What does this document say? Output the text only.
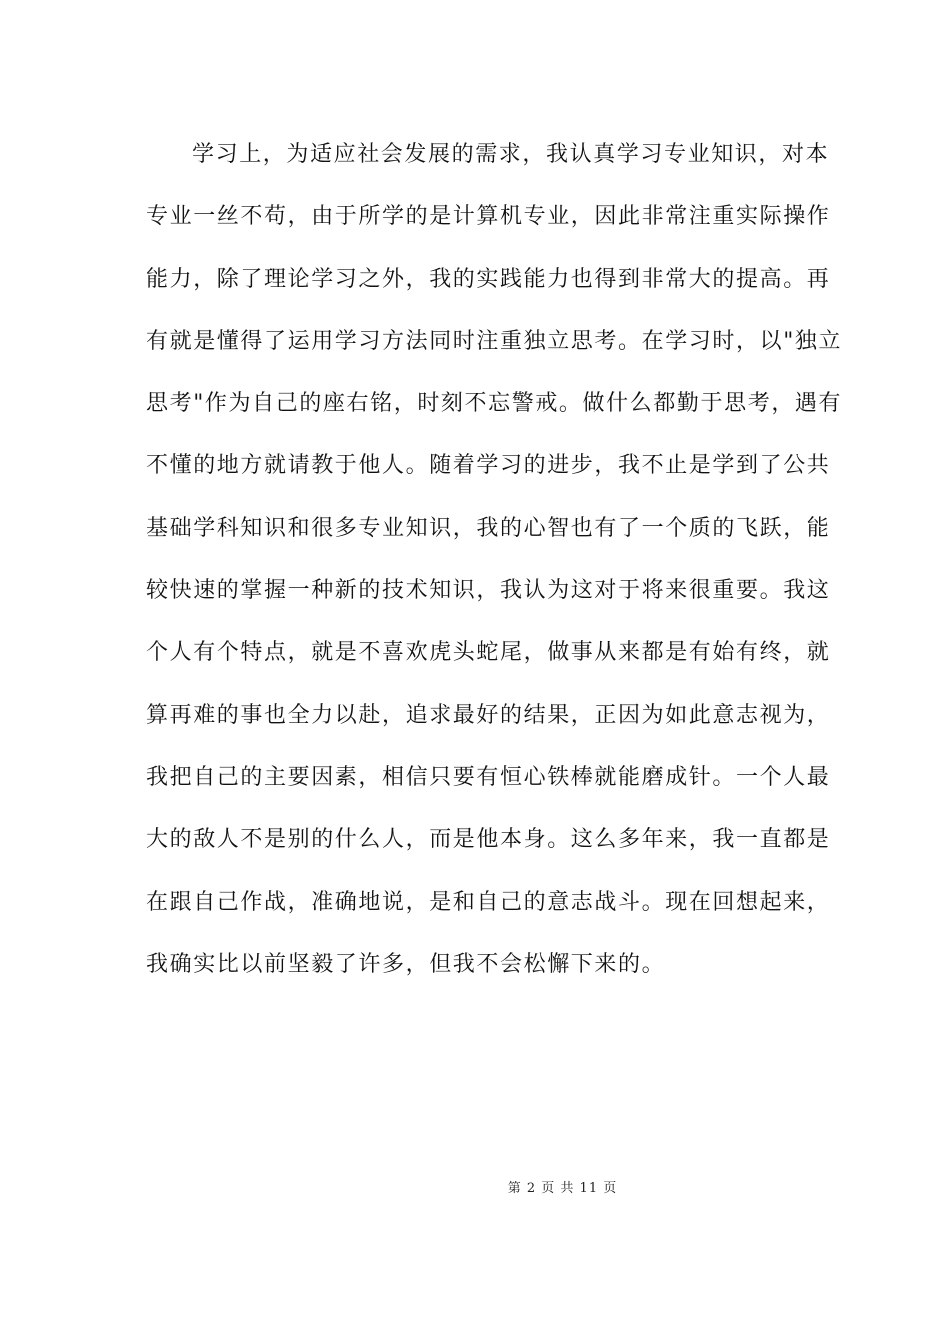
学习上，为适应社会发展的需求，我认真学习专业知识，对本
专业一丝不苟，由于所学的是计算机专业，因此非常注重实际操作
能力，除了理论学习之外，我的实践能力也得到非常大的提高。再
有就是懂得了运用学习方法同时注重独立思考。在学习时，以"独立
思考"作为自己的座右铭，时刻不忘警戒。做什么都勤于思考，遇有
不懂的地方就请教于他人。随着学习的进步，我不止是学到了公共
基础学科知识和很多专业知识，我的心智也有了一个质的飞跃，能
较快速的掌握一种新的技术知识，我认为这对于将来很重要。我这
个人有个特点，就是不喜欢虎头蛇尾，做事从来都是有始有终，就
算再难的事也全力以赴，追求最好的结果，正因为如此意志视为，
我把自己的主要因素，相信只要有恒心铁棒就能磨成针。一个人最
大的敌人不是别的什么人，而是他本身。这么多年来，我一直都是
在跟自己作战，准确地说，是和自己的意志战斗。现在回想起来，
我确实比以前坚毅了许多，但我不会松懈下来的。
第 2 页 共 11 页
